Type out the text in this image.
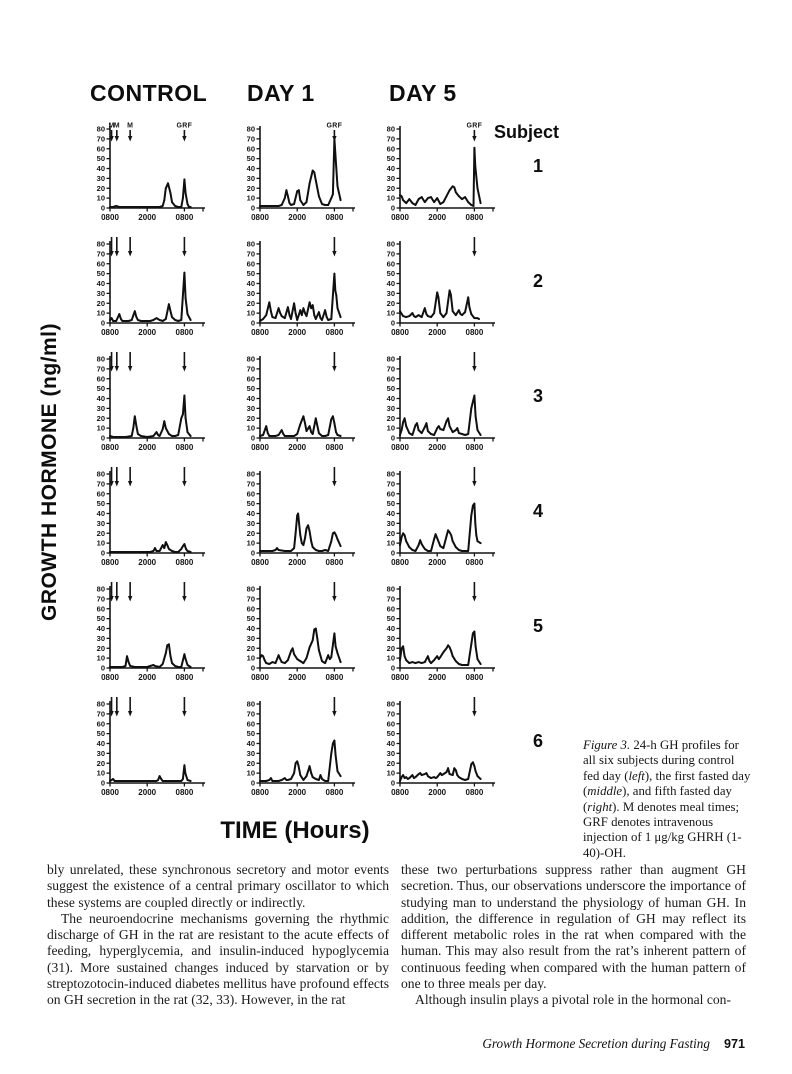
CONTROL DAY 1	DAY 5
Subject
GROWTH HORMONE (ng/ml)
TIME (Hours)
0
10
20
30
40
50
60
70
80
0800 2000 0800
M M M	GRF
0
10
20
30
40
50
60
70
80
0800 2000 0800
GRF
0
10
20
30
40
50
60
70
80
0800 2000 0800
GRF
1
0
10
20
30
40
50
60
70
80
0800 2000 0800
0
10
20
30
40
50
60
70
80
0800 2000 0800
0
10
20
30
40
50
60
70
80
0800 2000 0800
2
0
10
20
30
40
50
60
70
80
0800 2000 0800
0
10
20
30
40
50
60
70
80
0800 2000 0800
0
10
20
30
40
50
60
70
80
0800 2000 0800
3
0
10
20
30
40
50
60
70
80
0800 2000 0800
0
10
20
30
40
50
60
70
80
0800 2000 0800
0
10
20
30
40
50
60
70
80
0800 2000 0800
4
0
10
20
30
40
50
60
70
80
0800 2000 0800
0
10
20
30
40
50
60
70
80
0800 2000 0800
0
10
20
30
40
50
60
70
80
0800 2000 0800
5
0
10
20
30
40
50
60
70
80
0800 2000 0800
0
10
20
30
40
50
60
70
80
0800 2000 0800
0
10
20
30
40
50
60
70
80
0800 2000 0800
6	Figure 3. 24-h GH profiles for all six subjects during control fed day (left), the first fasted day (middle), and fifth fasted day (right). M denotes meal times; GRF denotes intravenous injection of 1 μg/kg GHRH (1-40)-OH.

bly unrelated, these synchronous secretory and motor events suggest the existence of a central primary oscillator to which these systems are coupled directly or indirectly.

The neuroendocrine mechanisms governing the rhythmic discharge of GH in the rat are resistant to the acute effects of feeding, hyperglycemia, and insulin-induced hypoglycemia (31). More sustained changes induced by starvation or by streptozotocin-induced diabetes mellitus have profound effects on GH secretion in the rat (32, 33). However, in the rat

these two perturbations suppress rather than augment GH secretion. Thus, our observations underscore the importance of studying man to understand the physiology of human GH. In addition, the difference in regulation of GH may reflect its different metabolic roles in the rat when compared with the human. This may also result from the rat’s inherent pattern of continuous feeding when compared with the human pattern of one to three meals per day.

Although insulin plays a pivotal role in the hormonal con-

Growth Hormone Secretion during Fasting 971
